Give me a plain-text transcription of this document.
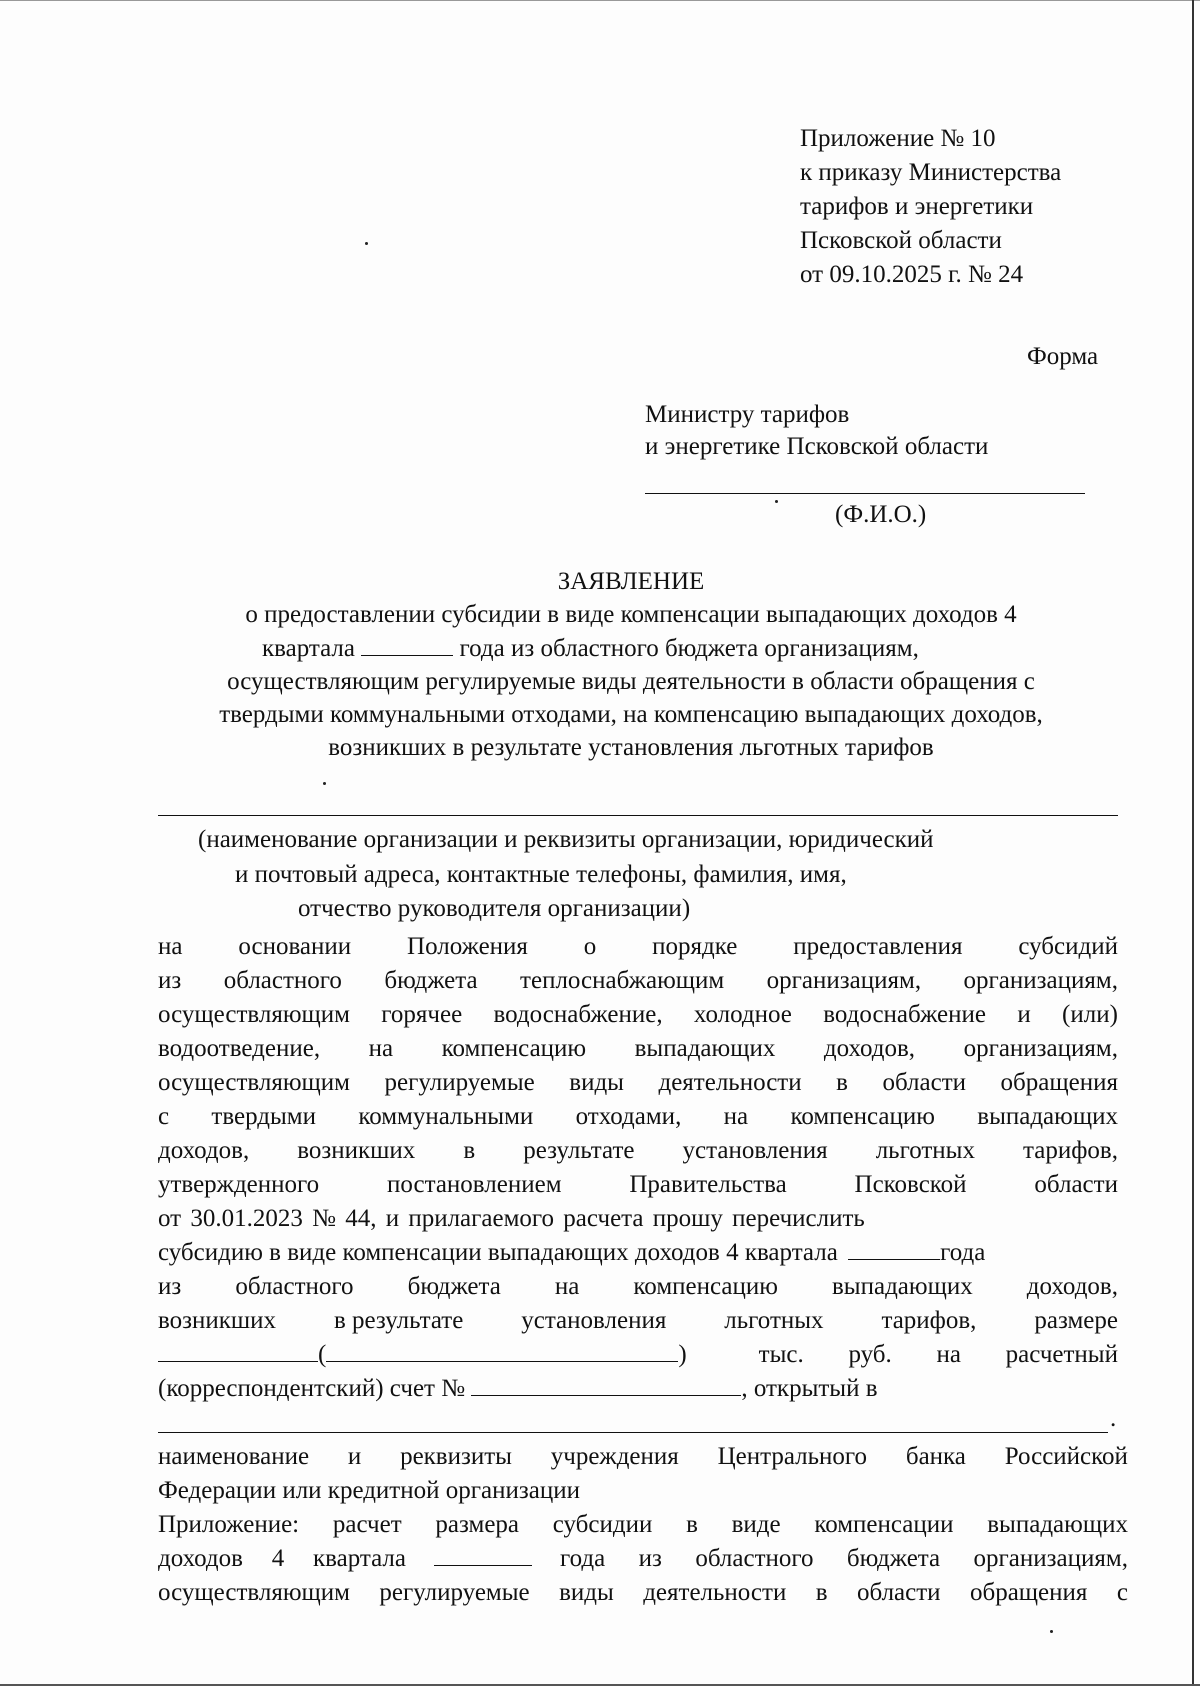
Приложение № 10
к приказу Министерства
тарифов и энергетики
Псковской области
от 09.10.2025 г. № 24
Форма
Министру тарифов
и энергетике Псковской области
(Ф.И.О.)
ЗАЯВЛЕНИЕ
о предоставлении субсидии в виде компенсации выпадающих доходов 4
квартала	года из областного бюджета организациям,
осуществляющим регулируемые виды деятельности в области обращения с
твердыми коммунальными отходами, на компенсацию выпадающих доходов,
возникших в результате установления льготных тарифов
(наименование организации и реквизиты организации, юридический
и почтовый адреса, контактные телефоны, фамилия, имя,
отчество руководителя организации)
на основании Положения о порядке предоставления субсидий
из областного бюджета теплоснабжающим организациям, организациям,
осуществляющим горячее водоснабжение, холодное водоснабжение и (или)
водоотведение, на компенсацию выпадающих доходов, организациям,
осуществляющим регулируемые виды деятельности в области обращения
с твердыми коммунальными отходами, на компенсацию выпадающих
доходов, возникших в результате установления льготных тарифов,
утвержденного	постановлением	Правительства	Псковской	области
от 30.01.2023 № 44, и прилагаемого расчета прошу перечислить
субсидию в виде компенсации выпадающих доходов 4 квартала	года
из областного бюджета на компенсацию выпадающих доходов,
возникших в результате установления льготных тарифов, размере
(	)	тыс. руб. на расчетный
(корреспондентский) счет №	, открытый в
.
наименование и реквизиты учреждения Центрального банка Российской
Федерации или кредитной организации
Приложение: расчет размера субсидии в виде компенсации выпадающих
доходов 4 квартала	года из областного бюджета организациям,
осуществляющим регулируемые виды деятельности в области обращения с
